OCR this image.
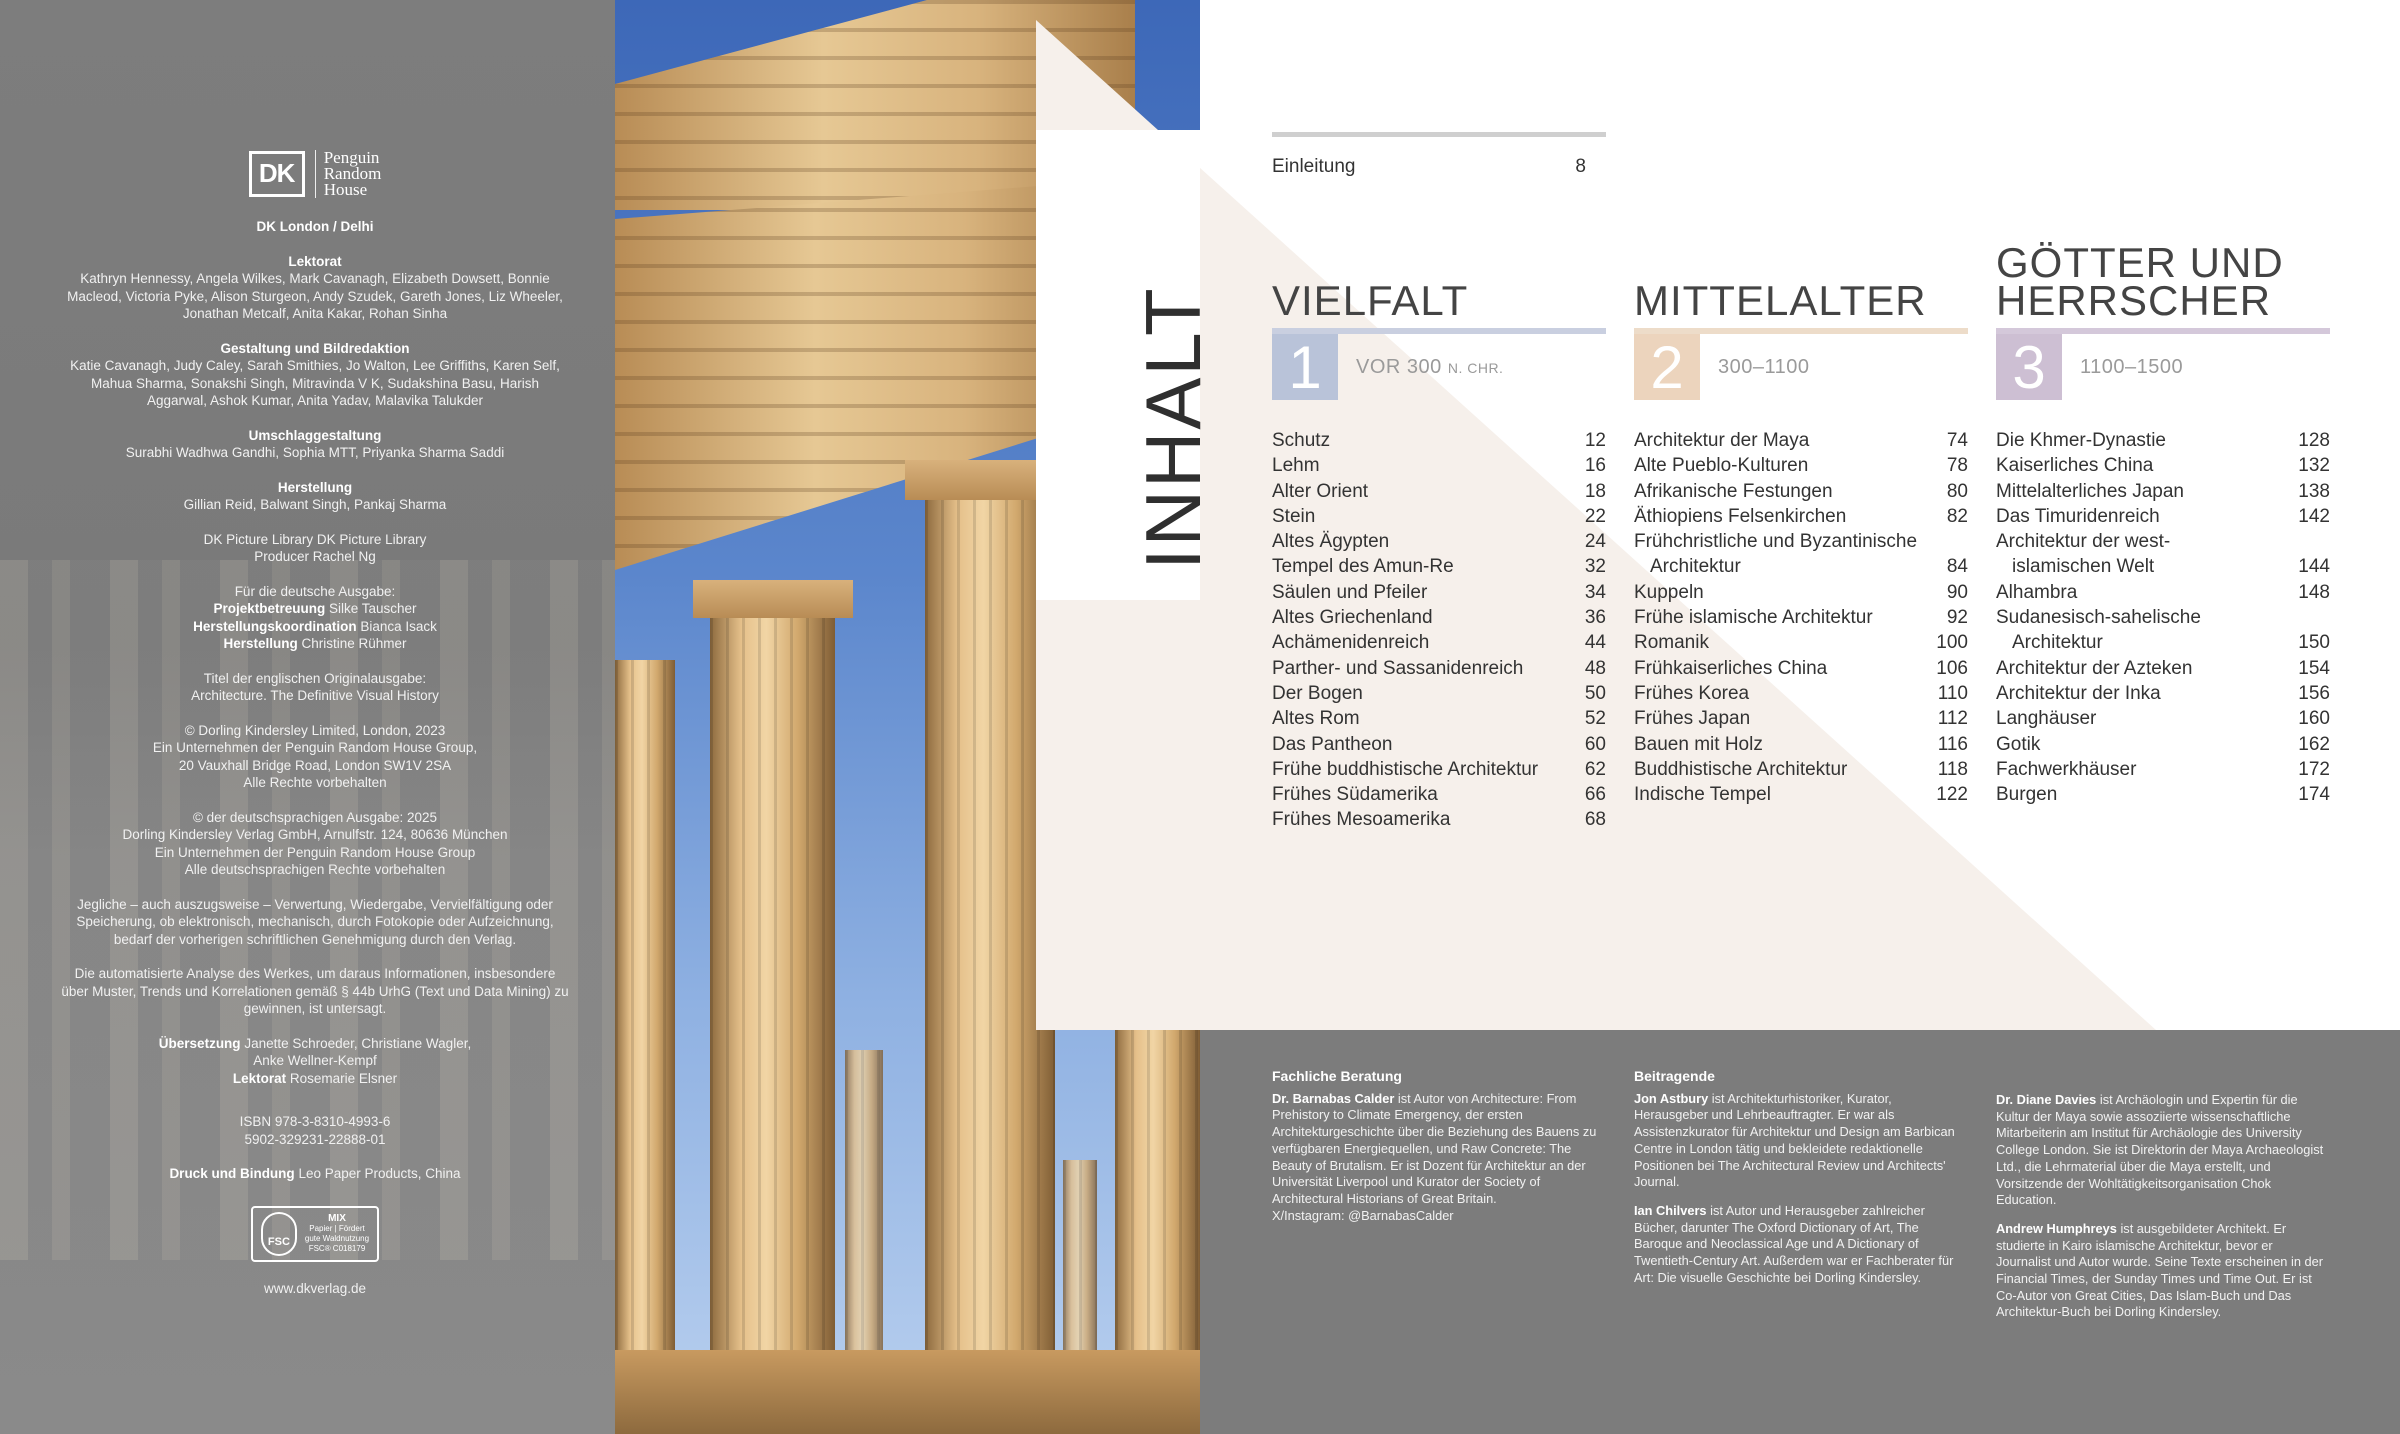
DK
Penguin
Random
House
DK London / Delhi
Lektorat
Kathryn Hennessy, Angela Wilkes, Mark Cavanagh, Elizabeth Dowsett, Bonnie Macleod, Victoria Pyke, Alison Sturgeon, Andy Szudek, Gareth Jones, Liz Wheeler, Jonathan Metcalf, Anita Kakar, Rohan Sinha
Gestaltung und Bildredaktion
Katie Cavanagh, Judy Caley, Sarah Smithies, Jo Walton, Lee Griffiths, Karen Self, Mahua Sharma, Sonakshi Singh, Mitravinda V K, Sudakshina Basu, Harish Aggarwal, Ashok Kumar, Anita Yadav, Malavika Talukder
Umschlaggestaltung
Surabhi Wadhwa Gandhi, Sophia MTT, Priyanka Sharma Saddi
Herstellung
Gillian Reid, Balwant Singh, Pankaj Sharma
DK Picture Library DK Picture Library
Producer Rachel Ng
Für die deutsche Ausgabe:
Projektbetreuung Silke Tauscher
Herstellungskoordination Bianca Isack
Herstellung Christine Rühmer
Titel der englischen Originalausgabe:
Architecture. The Definitive Visual History
© Dorling Kindersley Limited, London, 2023
Ein Unternehmen der Penguin Random House Group,
20 Vauxhall Bridge Road, London SW1V 2SA
Alle Rechte vorbehalten
© der deutschsprachigen Ausgabe: 2025
Dorling Kindersley Verlag GmbH, Arnulfstr. 124, 80636 München
Ein Unternehmen der Penguin Random House Group
Alle deutschsprachigen Rechte vorbehalten
Jegliche – auch auszugsweise – Verwertung, Wiedergabe, Vervielfältigung oder Speicherung, ob elektronisch, mechanisch, durch Fotokopie oder Aufzeichnung, bedarf der vorherigen schriftlichen Genehmigung durch den Verlag.
Die automatisierte Analyse des Werkes, um daraus Informationen, insbesondere über Muster, Trends und Korrelationen gemäß § 44b UrhG (Text und Data Mining) zu gewinnen, ist untersagt.
Übersetzung Janette Schroeder, Christiane Wagler,
Anke Wellner-Kempf
Lektorat Rosemarie Elsner
ISBN 978-3-8310-4993-6
5902-329231-22888-01
Druck und Bindung Leo Paper Products, China
FSC
MIX
Papier | Fördert
gute Waldnutzung
FSC® C018179
www.dkverlag.de
INHALT
Einleitung	8
VIELFALT
1	VOR 300 N. CHR.
Schutz	12
Lehm	16
Alter Orient	18
Stein	22
Altes Ägypten	24
Tempel des Amun-Re	32
Säulen und Pfeiler	34
Altes Griechenland	36
Achämenidenreich	44
Parther- und Sassanidenreich	48
Der Bogen	50
Altes Rom	52
Das Pantheon	60
Frühe buddhistische Architektur 62
Frühes Südamerika	66
Frühes Mesoamerika	68
MITTELALTER
2	300–1100
Architektur der Maya	74
Alte Pueblo-Kulturen	78
Afrikanische Festungen	80
Äthiopiens Felsenkirchen	82
Frühchristliche und Byzantinische
Architektur	84
Kuppeln	90
Frühe islamische Architektur	92
Romanik	100
Frühkaiserliches China	106
Frühes Korea	110
Frühes Japan	112
Bauen mit Holz	116
Buddhistische Architektur	118
Indische Tempel	122
GÖTTER UND
HERRSCHER
3	1100–1500
Die Khmer-Dynastie	128
Kaiserliches China	132
Mittelalterliches Japan	138
Das Timuridenreich	142
Architektur der west-
islamischen Welt	144
Alhambra	148
Sudanesisch-sahelische
Architektur	150
Architektur der Azteken	154
Architektur der Inka	156
Langhäuser	160
Gotik	162
Fachwerkhäuser	172
Burgen	174
Fachliche Beratung

Dr. Barnabas Calder ist Autor von Architecture: From Prehistory to Climate Emergency, der ersten Architekturgeschichte über die Beziehung des Bauens zu verfügbaren Energiequellen, und Raw Concrete: The Beauty of Brutalism. Er ist Dozent für Architektur an der Universität Liverpool und Kurator der Society of Architectural Historians of Great Britain.
X/Instagram: @BarnabasCalder

Beitragende

Jon Astbury ist Architekturhistoriker, Kurator, Herausgeber und Lehrbeauftragter. Er war als Assistenzkurator für Architektur und Design am Barbican Centre in London tätig und bekleidete redaktionelle Positionen bei The Architectural Review und Architects' Journal.

Ian Chilvers ist Autor und Herausgeber zahlreicher Bücher, darunter The Oxford Dictionary of Art, The Baroque and Neoclassical Age und A Dictionary of Twentieth-Century Art. Außerdem war er Fachberater für Art: Die visuelle Geschichte bei Dorling Kindersley.

Dr. Diane Davies ist Archäologin und Expertin für die Kultur der Maya sowie assoziierte wissenschaftliche Mitarbeiterin am Institut für Archäologie des University College London. Sie ist Direktorin der Maya Archaeologist Ltd., die Lehrmaterial über die Maya erstellt, und Vorsitzende der Wohltätigkeitsorganisation Chok Education.

Andrew Humphreys ist ausgebildeter Architekt. Er studierte in Kairo islamische Architektur, bevor er Journalist und Autor wurde. Seine Texte erscheinen in der Financial Times, der Sunday Times und Time Out. Er ist Co-Autor von Great Cities, Das Islam-Buch und Das Architektur-Buch bei Dorling Kindersley.
